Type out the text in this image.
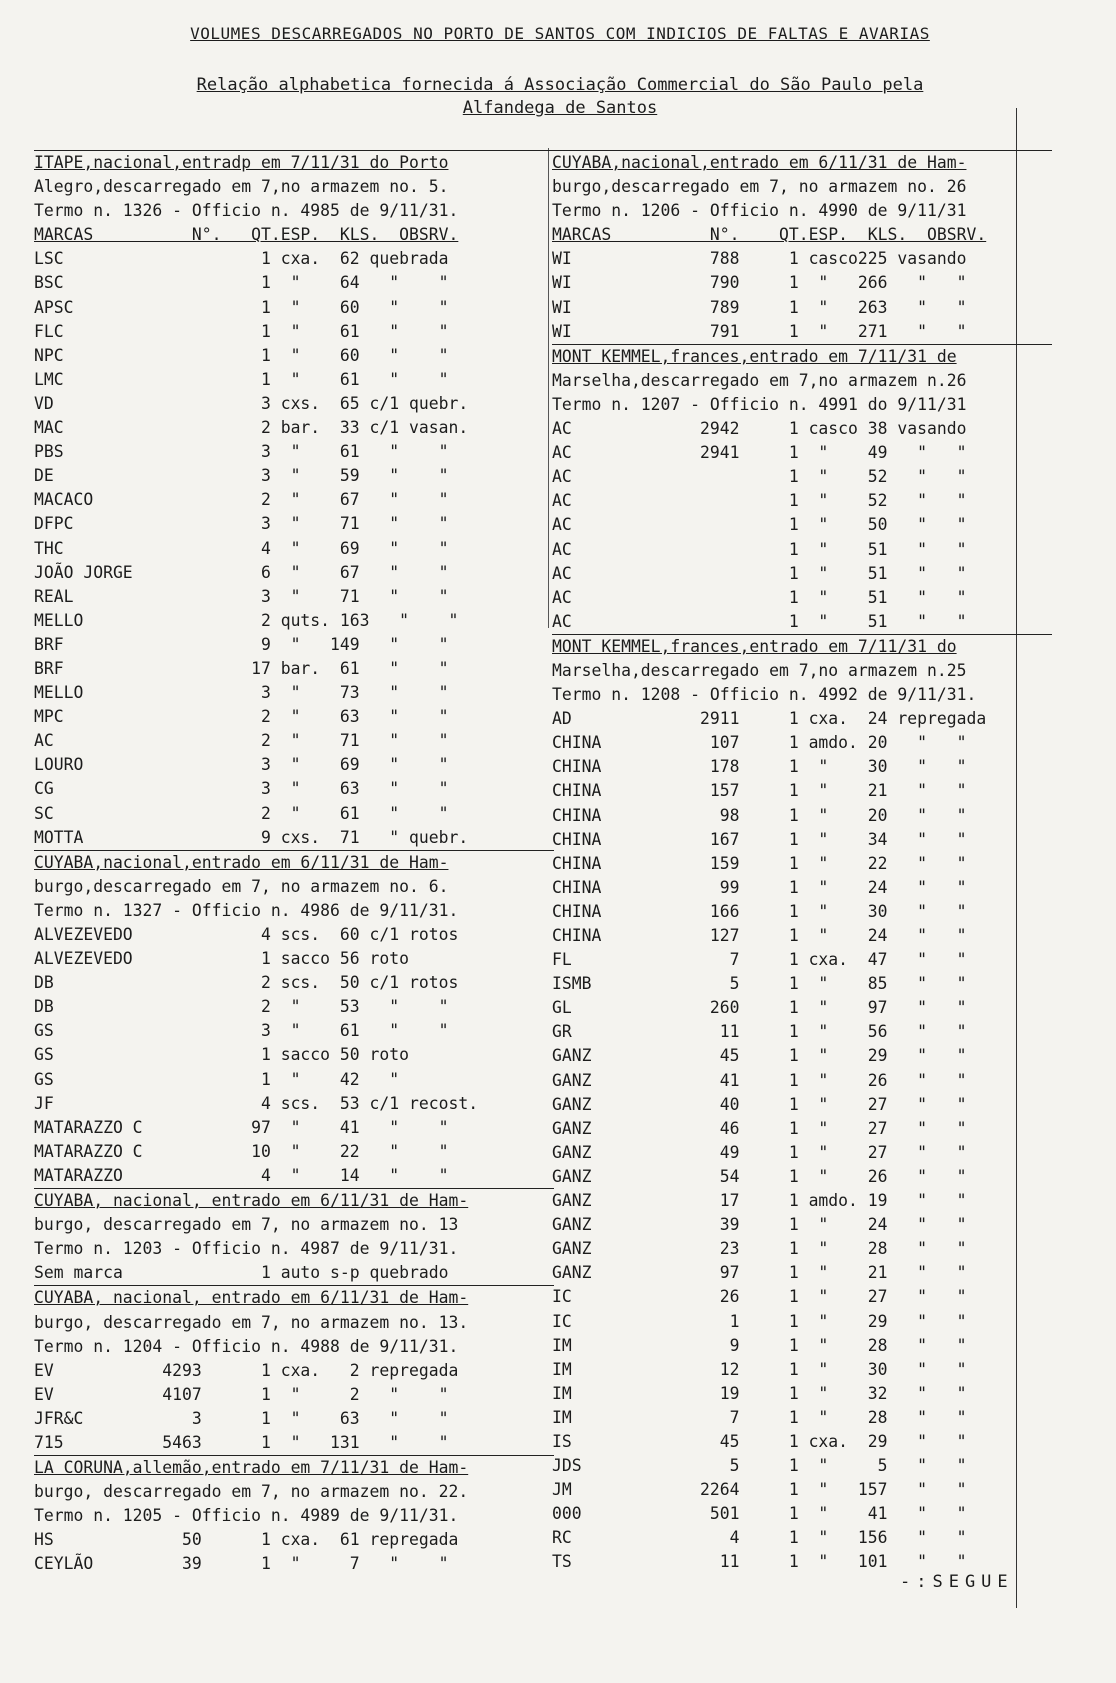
VOLUMES DESCARREGADOS NO PORTO DE SANTOS COM INDICIOS DE FALTAS E AVARIAS
Relação alphabetica fornecida á Associação Commercial do São Paulo pela
Alfandega de Santos
ITAPE,nacional,entradp em 7/11/31 do Porto
Alegro,descarregado em 7,no armazem no. 5.
Termo n. 1326 - Officio n. 4985 de 9/11/31.
MARCAS          N°.   QT.ESP.  KLS.  OBSRV.
LSC                    1 cxa.  62 quebrada
BSC                    1  "    64   "    "
APSC                   1  "    60   "    "
FLC                    1  "    61   "    "
NPC                    1  "    60   "    "
LMC                    1  "    61   "    "
VD                     3 cxs.  65 c/1 quebr.
MAC                    2 bar.  33 c/1 vasan.
PBS                    3  "    61   "    "
DE                     3  "    59   "    "
MACACO                 2  "    67   "    "
DFPC                   3  "    71   "    "
THC                    4  "    69   "    "
JOÃO JORGE             6  "    67   "    "
REAL                   3  "    71   "    "
MELLO                  2 quts. 163   "    "
BRF                    9  "   149   "    "
BRF                   17 bar.  61   "    "
MELLO                  3  "    73   "    "
MPC                    2  "    63   "    "
AC                     2  "    71   "    "
LOURO                  3  "    69   "    "
CG                     3  "    63   "    "
SC                     2  "    61   "    "
MOTTA                  9 cxs.  71   " quebr.
CUYABA,nacional,entrado em 6/11/31 de Ham-
burgo,descarregado em 7, no armazem no. 6.
Termo n. 1327 - Officio n. 4986 de 9/11/31.
ALVEZEVEDO             4 scs.  60 c/1 rotos
ALVEZEVEDO             1 sacco 56 roto
DB                     2 scs.  50 c/1 rotos
DB                     2  "    53   "    "
GS                     3  "    61   "    "
GS                     1 sacco 50 roto
GS                     1  "    42   "
JF                     4 scs.  53 c/1 recost.
MATARAZZO C           97  "    41   "    "
MATARAZZO C           10  "    22   "    "
MATARAZZO              4  "    14   "    "
CUYABA, nacional, entrado em 6/11/31 de Ham-
burgo, descarregado em 7, no armazem no. 13
Termo n. 1203 - Officio n. 4987 de 9/11/31.
Sem marca              1 auto s-p quebrado
CUYABA, nacional, entrado em 6/11/31 de Ham-
burgo, descarregado em 7, no armazem no. 13.
Termo n. 1204 - Officio n. 4988 de 9/11/31.
EV           4293      1 cxa.   2 repregada
EV           4107      1  "     2   "    "
JFR&C           3      1  "    63   "    "
715          5463      1  "   131   "    "
LA CORUNA,allemão,entrado em 7/11/31 de Ham-
burgo, descarregado em 7, no armazem no. 22.
Termo n. 1205 - Officio n. 4989 de 9/11/31.
HS             50      1 cxa.  61 repregada
CEYLÃO         39      1  "     7   "    "
CUYABA,nacional,entrado em 6/11/31 de Ham-
burgo,descarregado em 7, no armazem no. 26
Termo n. 1206 - Officio n. 4990 de 9/11/31
MARCAS          N°.    QT.ESP.  KLS.  OBSRV.
WI              788     1 casco225 vasando
WI              790     1  "   266   "   "
WI              789     1  "   263   "   "
WI              791     1  "   271   "   "
MONT KEMMEL,frances,entrado em 7/11/31 de
Marselha,descarregado em 7,no armazem n.26
Termo n. 1207 - Officio n. 4991 do 9/11/31
AC             2942     1 casco 38 vasando
AC             2941     1  "    49   "   "
AC                      1  "    52   "   "
AC                      1  "    52   "   "
AC                      1  "    50   "   "
AC                      1  "    51   "   "
AC                      1  "    51   "   "
AC                      1  "    51   "   "
AC                      1  "    51   "   "
MONT KEMMEL,frances,entrado em 7/11/31 do
Marselha,descarregado em 7,no armazem n.25
Termo n. 1208 - Officio n. 4992 de 9/11/31.
AD             2911     1 cxa.  24 repregada
CHINA           107     1 amdo. 20   "   "
CHINA           178     1  "    30   "   "
CHINA           157     1  "    21   "   "
CHINA            98     1  "    20   "   "
CHINA           167     1  "    34   "   "
CHINA           159     1  "    22   "   "
CHINA            99     1  "    24   "   "
CHINA           166     1  "    30   "   "
CHINA           127     1  "    24   "   "
FL                7     1 cxa.  47   "   "
ISMB              5     1  "    85   "   "
GL              260     1  "    97   "   "
GR               11     1  "    56   "   "
GANZ             45     1  "    29   "   "
GANZ             41     1  "    26   "   "
GANZ             40     1  "    27   "   "
GANZ             46     1  "    27   "   "
GANZ             49     1  "    27   "   "
GANZ             54     1  "    26   "   "
GANZ             17     1 amdo. 19   "   "
GANZ             39     1  "    24   "   "
GANZ             23     1  "    28   "   "
GANZ             97     1  "    21   "   "
IC               26     1  "    27   "   "
IC                1     1  "    29   "   "
IM                9     1  "    28   "   "
IM               12     1  "    30   "   "
IM               19     1  "    32   "   "
IM                7     1  "    28   "   "
IS               45     1 cxa.  29   "   "
JDS               5     1  "     5   "   "
JM             2264     1  "   157   "   "
000             501     1  "    41   "   "
RC                4     1  "   156   "   "
TS               11     1  "   101   "   "
-:SEGUE
